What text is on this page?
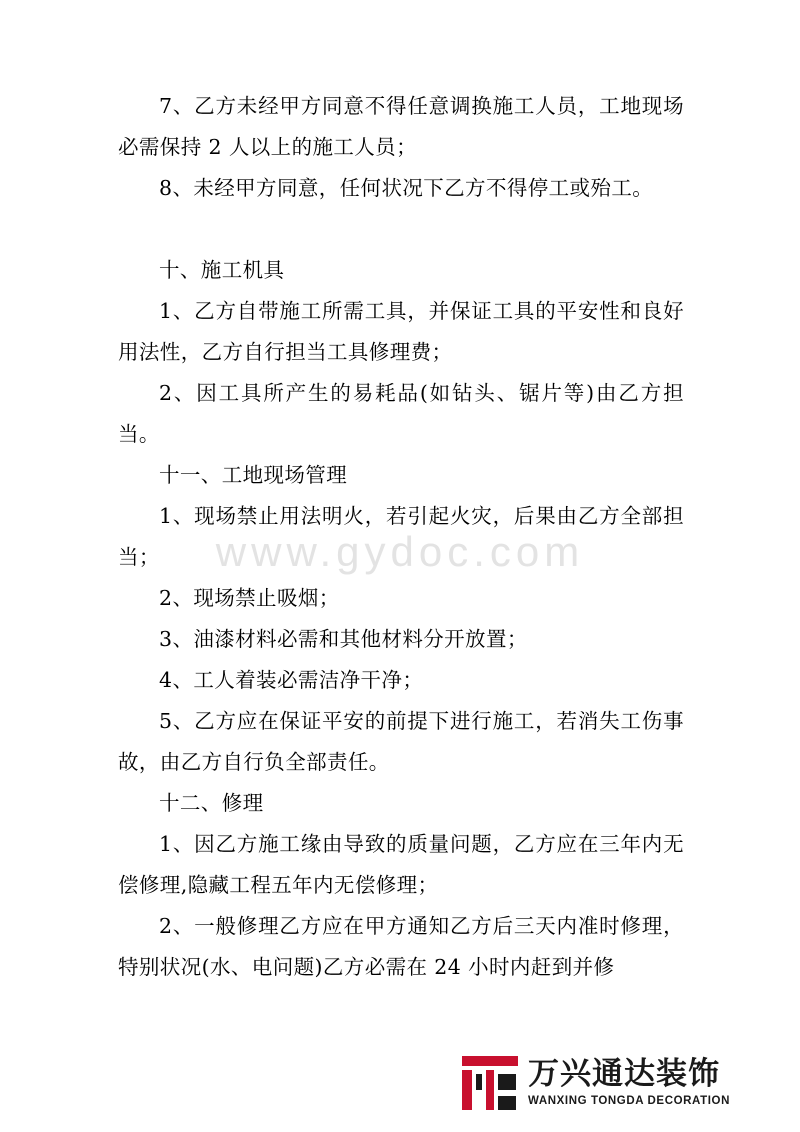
7、乙方未经甲方同意不得任意调换施工人员，工地现场必需保持 2 人以上的施工人员；

8、未经甲方同意，任何状况下乙方不得停工或殆工。

十、施工机具

1、乙方自带施工所需工具，并保证工具的平安性和良好用法性，乙方自行担当工具修理费；

2、因工具所产生的易耗品(如钻头、锯片等)由乙方担当。

十一、工地现场管理

1、现场禁止用法明火，若引起火灾，后果由乙方全部担当；

2、现场禁止吸烟；

3、油漆材料必需和其他材料分开放置；

4、工人着装必需洁净干净；

5、乙方应在保证平安的前提下进行施工，若消失工伤事故，由乙方自行负全部责任。

十二、修理

1、因乙方施工缘由导致的质量问题，乙方应在三年内无偿修理,隐藏工程五年内无偿修理；

2、一般修理乙方应在甲方通知乙方后三天内准时修理，特别状况(水、电问题)乙方必需在 24 小时内赶到并修

www.gydoc.com
万兴通达装饰
WANXING TONGDA DECORATION
